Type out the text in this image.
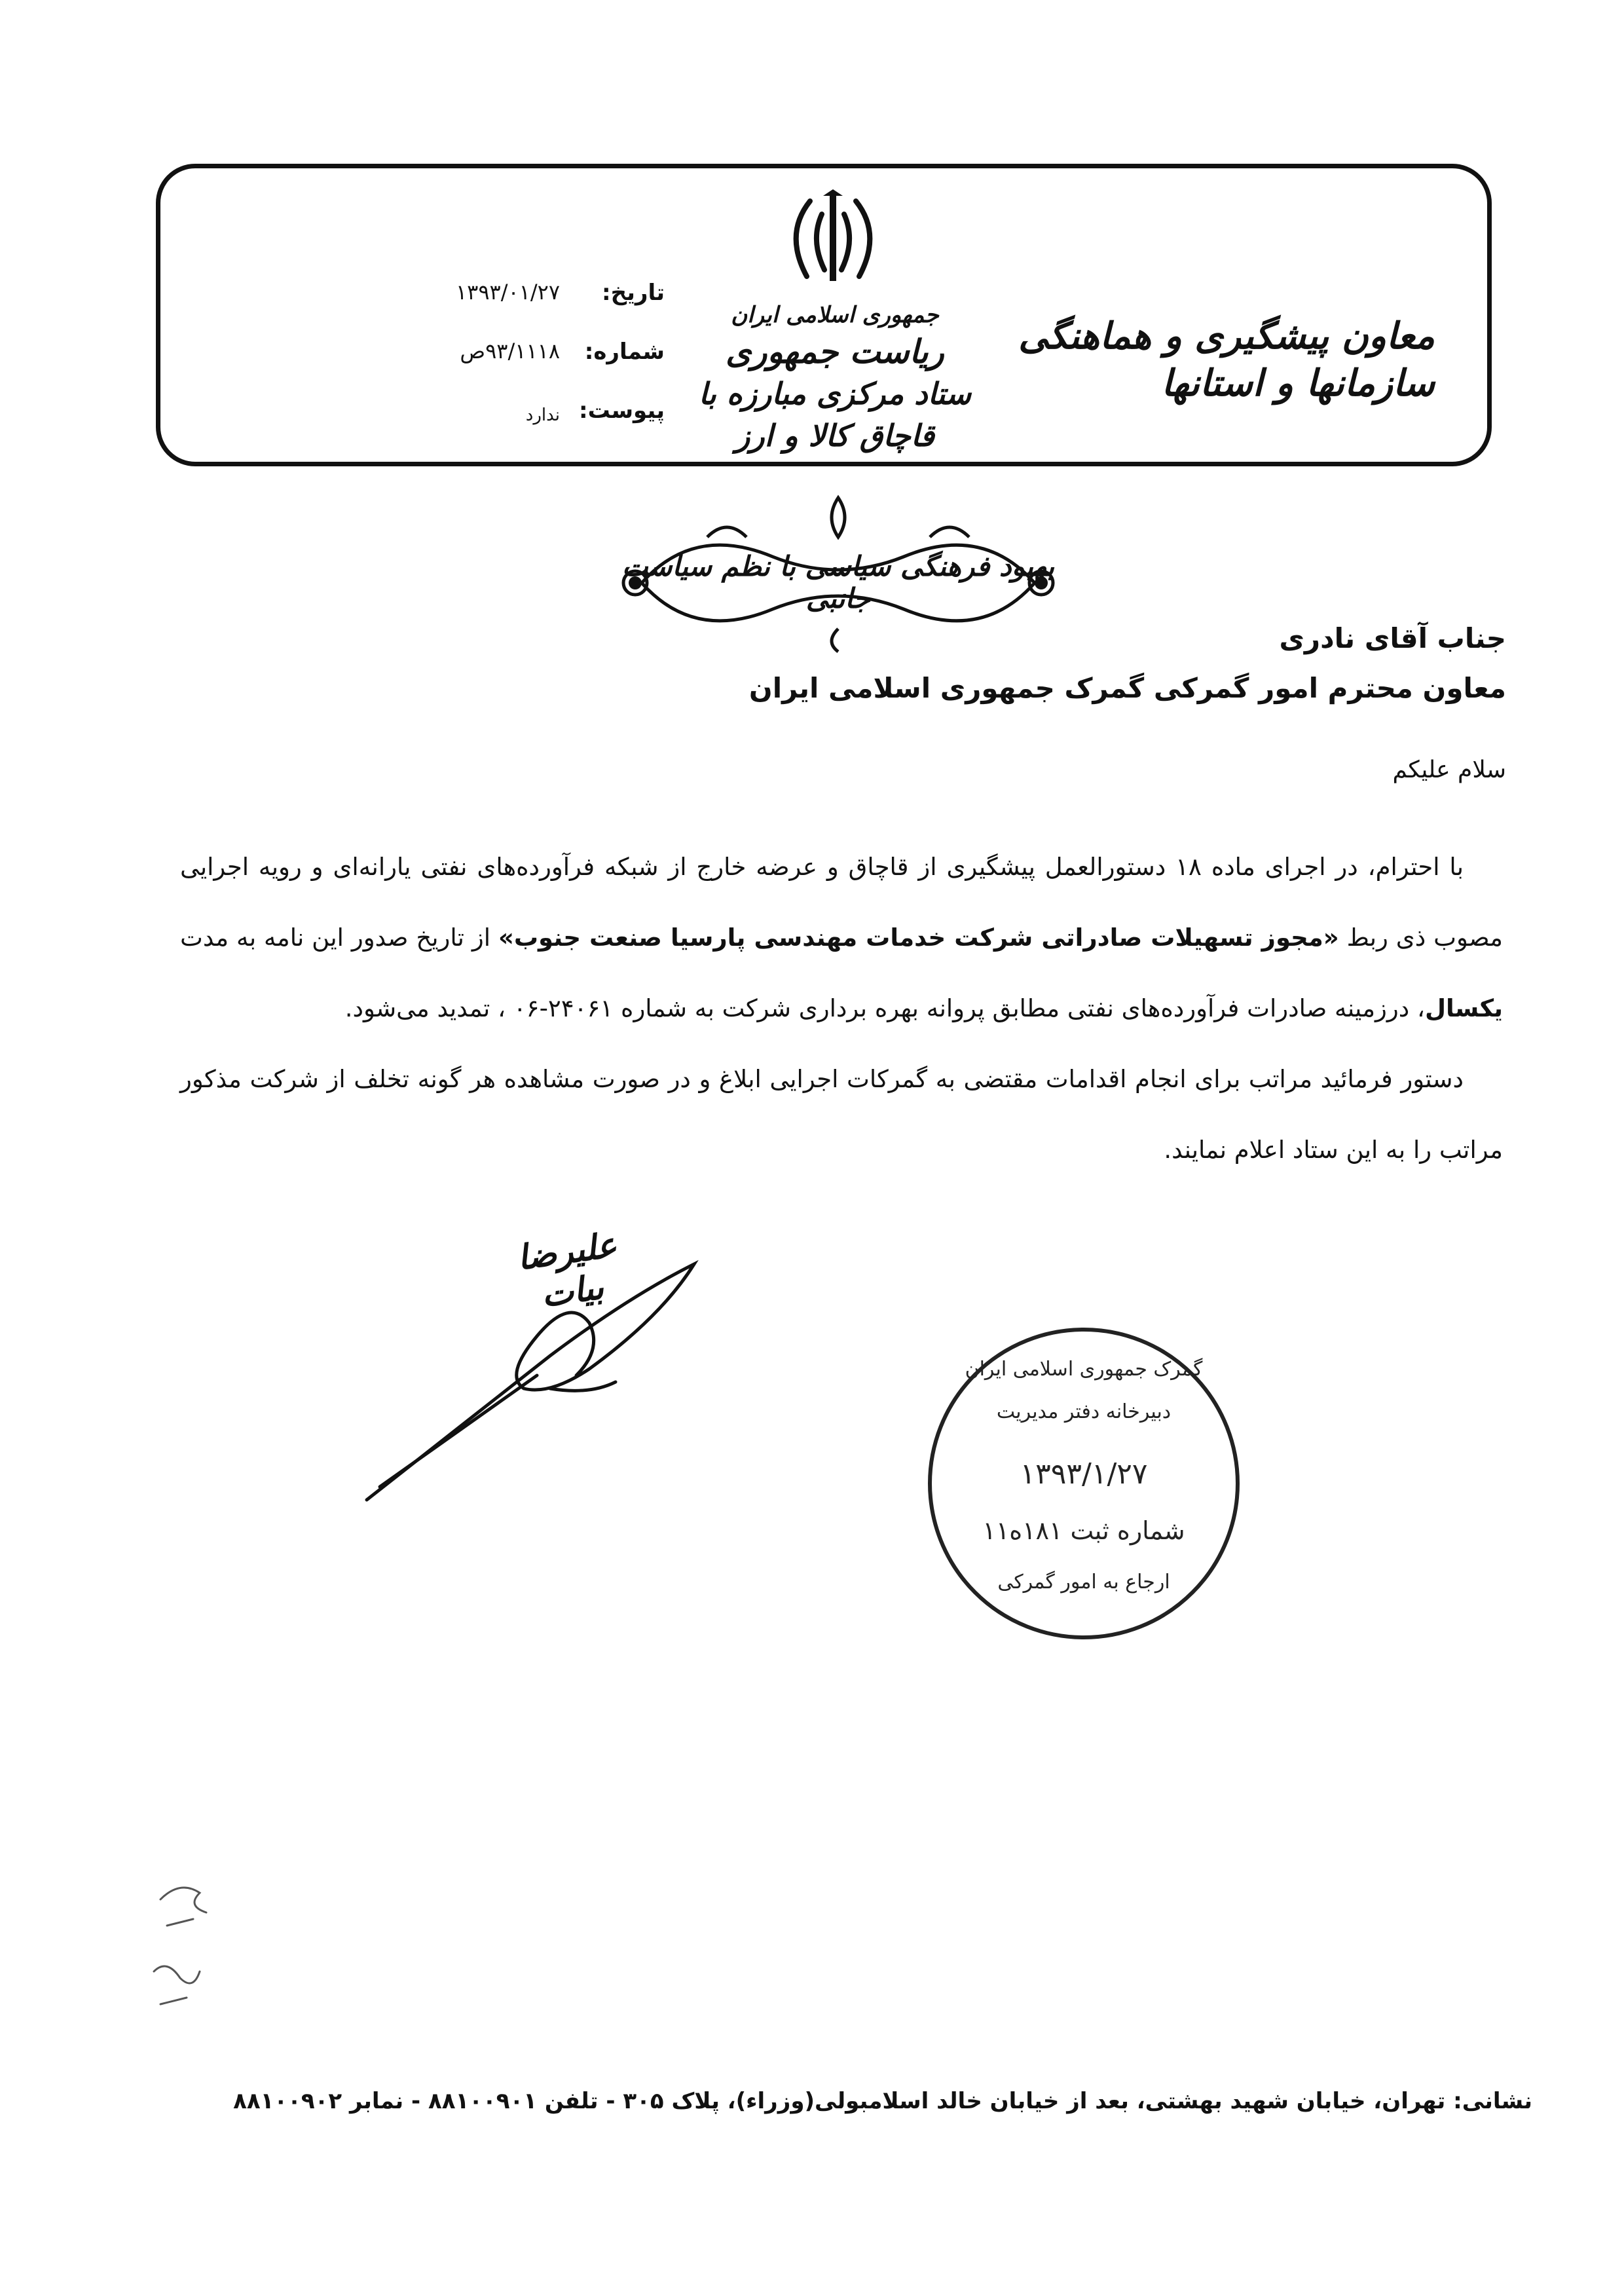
معاون پیشگیری و هماهنگی سازمانها و استانها
جمهوری اسلامی ایران
ریاست جمهوری
ستاد مرکزی مبارزه با قاچاق کالا و ارز
تاریخ:
۱۳۹۳/۰۱/۲۷
شماره:
۹۳/۱۱۱۸ص
پیوست:
ندارد
بهبود فرهنگی سیاسی با نظم سیاست جانبی
جناب آقای نادری
معاون محترم امور گمرکی گمرک جمهوری اسلامی ایران
سلام علیکم

با احترام، در اجرای ماده ۱۸ دستورالعمل پیشگیری از قاچاق و عرضه خارج از شبکه فرآورده‌های نفتی یارانه‌ای و رویه اجرایی مصوب ذی ربط «مجوز تسهیلات صادراتی شرکت خدمات مهندسی پارسیا صنعت جنوب» از تاریخ صدور این نامه به مدت یکسال، درزمینه صادرات فرآورده‌های نفتی مطابق پروانه بهره برداری شرکت به شماره ۲۴۰۶۱-۰۶ ، تمدید می‌شود.

دستور فرمائید مراتب برای انجام اقدامات مقتضی به گمرکات اجرایی ابلاغ و در صورت مشاهده هر گونه تخلف از شرکت مذکور مراتب را به این ستاد اعلام نمایند.

علیرضا بیات
گمرک جمهوری اسلامی ایران
دبیرخانه دفتر مدیریت
۱۳۹۳/۱/۲۷
شماره ثبت ۱۸۱ه۱۱
ارجاع به امور گمرکی
نشانی: تهران، خیابان شهید بهشتی، بعد از خیابان خالد اسلامبولی(وزراء)، پلاک ۳۰۵ - تلفن ۸۸۱۰۰۹۰۱ - نمابر ۸۸۱۰۰۹۰۲
